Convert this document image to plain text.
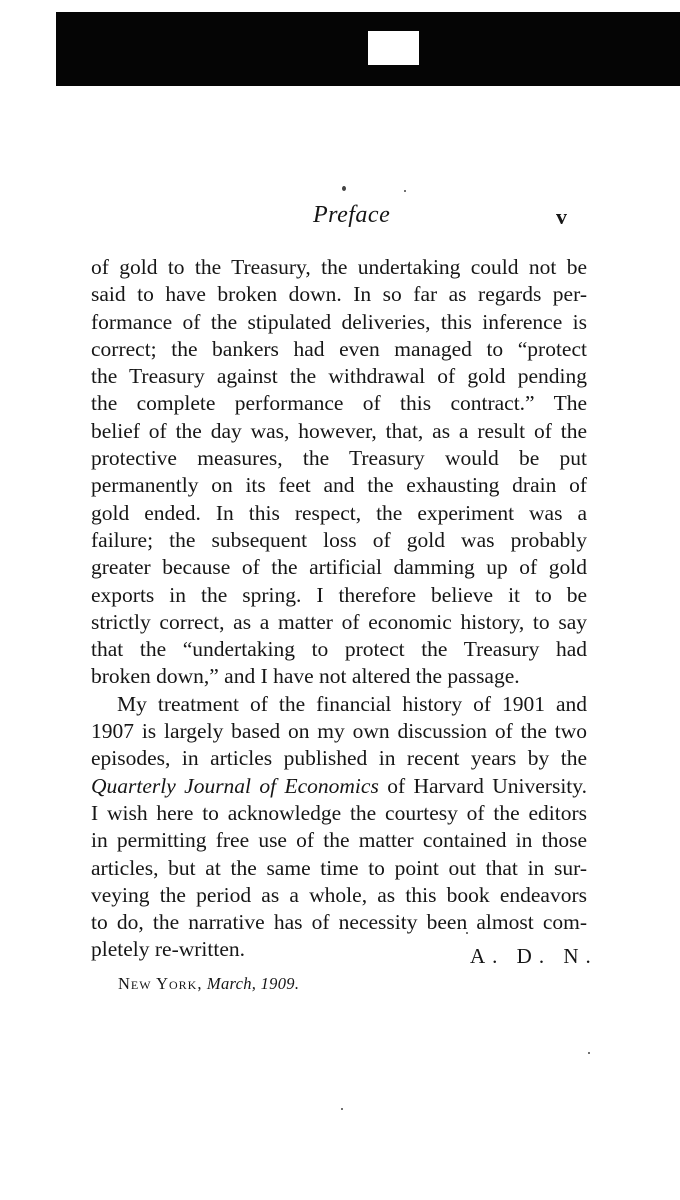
Preface	v
of gold to the Treasury, the undertaking could not be
said to have broken down. In so far as regards per-
formance of the stipulated deliveries, this inference is
correct; the bankers had even managed to “protect
the Treasury against the withdrawal of gold pending
the complete performance of this contract.” The
belief of the day was, however, that, as a result of the
protective measures, the Treasury would be put
permanently on its feet and the exhausting drain of
gold ended. In this respect, the experiment was a
failure; the subsequent loss of gold was probably
greater because of the artificial damming up of gold
exports in the spring. I therefore believe it to be
strictly correct, as a matter of economic history, to say
that the “undertaking to protect the Treasury had
broken down,” and I have not altered the passage.
My treatment of the financial history of 1901 and
1907 is largely based on my own discussion of the two
episodes, in articles published in recent years by the
Quarterly Journal of Economics of Harvard University.
I wish here to acknowledge the courtesy of the editors
in permitting free use of the matter contained in those
articles, but at the same time to point out that in sur-
veying the period as a whole, as this book endeavors
to do, the narrative has of necessity been almost com-
pletely re-written.	A. D. N.
New York, March, 1909.
